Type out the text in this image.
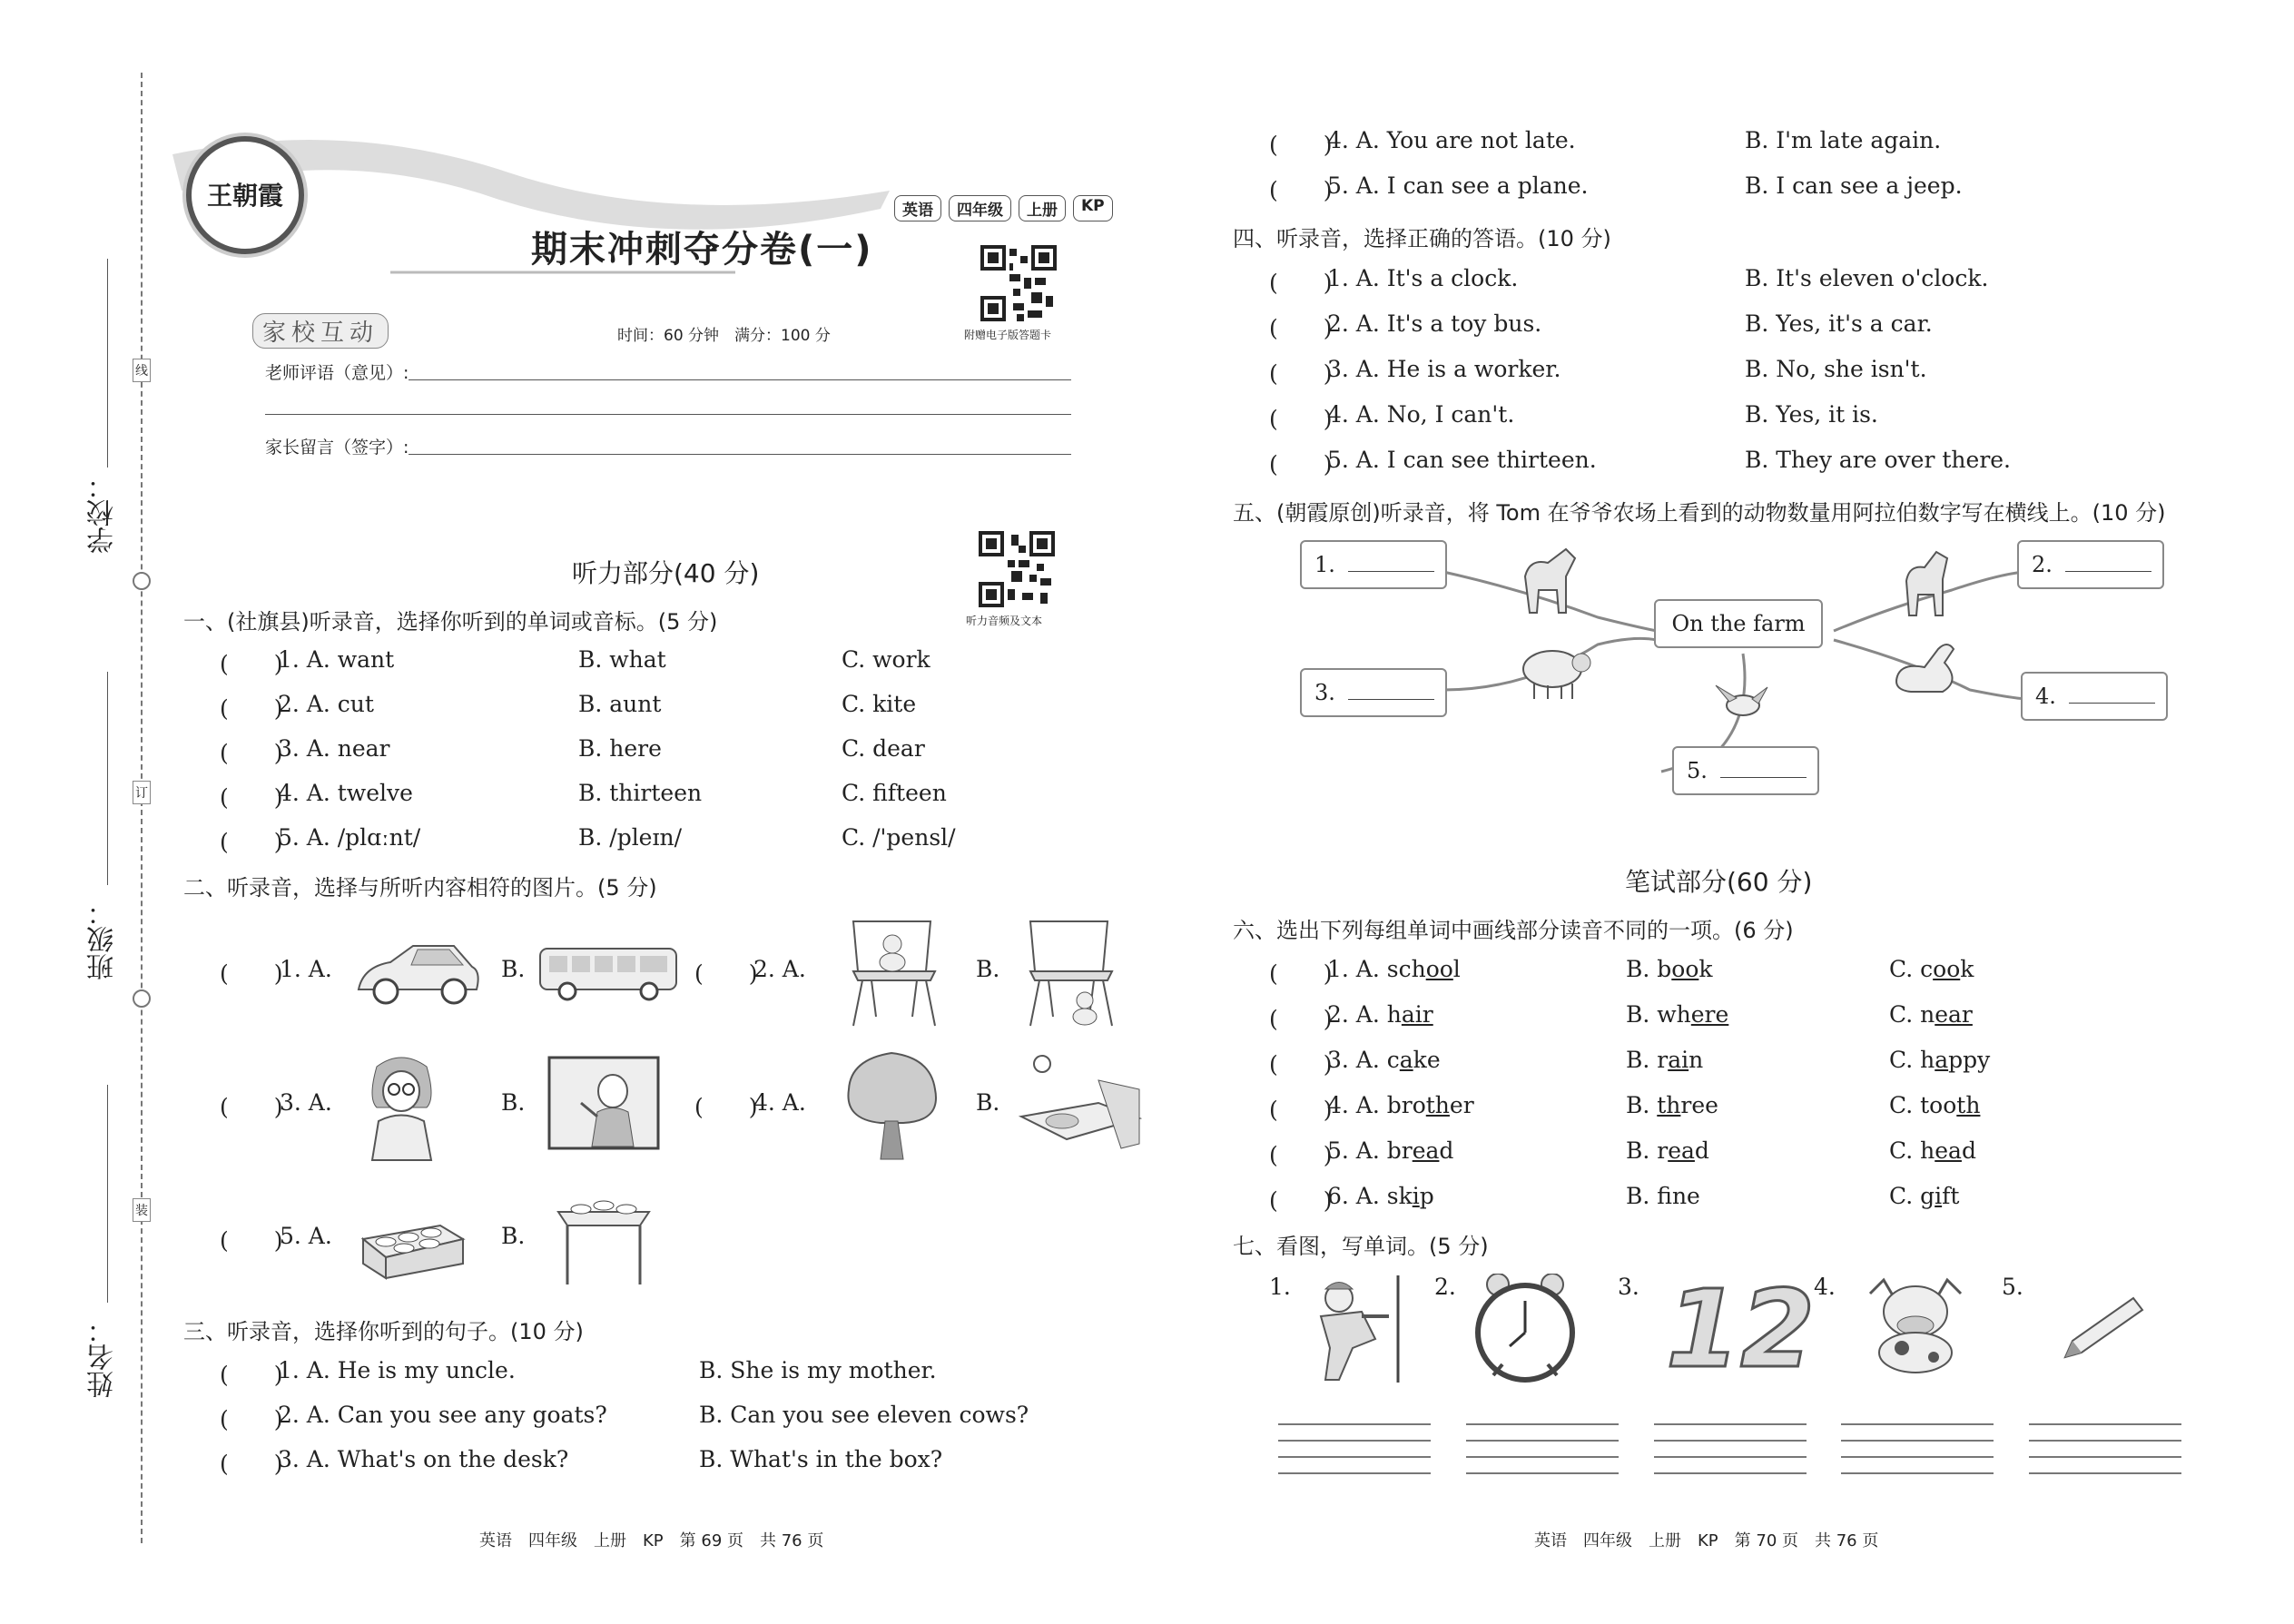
学校：
班级：
姓名：
线
订
装
王朝霞	英语	四年级	上册	KP
期末冲刺夺分卷(一)
家校互动	时间：60 分钟　满分：100 分
老师评语（意见）:
家长留言（签字）:
附赠电子版答题卡
听力音频及文本
听力部分(40 分)
一、(社旗县)听录音，选择你听到的单词或音标。(5 分)
(　　)
1. A. want	B. what	C. work
(　　)
2. A. cut	B. aunt	C. kite
(　　)
3. A. near	B. here	C. dear
(　　)
4. A. twelve	B. thirteen	C. fifteen
(　　)
5. A. /plɑːnt/	B. /pleɪn/	C. /'pensl/
二、听录音，选择与所听内容相符的图片。(5 分)
(　　)
1. A.	B.	(　　)
2. A.	B.
(　　)
3. A.	B.	(　　)
4. A.	B.
(　　)
5. A.	B.
三、听录音，选择你听到的句子。(10 分)
(　　)
1. A. He is my uncle.	B. She is my mother.
(　　)
2. A. Can you see any goats?	B. Can you see eleven cows?
(　　)
3. A. What's on the desk?	B. What's in the box?
英语　四年级　上册　KP　第 69 页　共 76 页
(　　)
4. A. You are not late.	B. I'm late again.
(　　)
5. A. I can see a plane.	B. I can see a jeep.
四、听录音，选择正确的答语。(10 分)
(　　)
1. A. It's a clock.	B. It's eleven o'clock.
(　　)
2. A. It's a toy bus.	B. Yes, it's a car.
(　　)
3. A. He is a worker.	B. No, she isn't.
(　　)
4. A. No, I can't.	B. Yes, it is.
(　　)
5. A. I can see thirteen.	B. They are over there.
五、(朝霞原创)听录音，将 Tom 在爷爷农场上看到的动物数量用阿拉伯数字写在横线上。(10 分)
On the farm
1.	2.
3.	4.
5.
笔试部分(60 分)
六、选出下列每组单词中画线部分读音不同的一项。(6 分)
(　　)
1. A. school	B. book	C. cook
(　　)
2. A. hair	B. where	C. near
(　　)
3. A. cake	B. rain	C. happy
(　　)
4. A. brother	B. three	C. tooth
(　　)
5. A. bread	B. read	C. head
(　　)
6. A. skip	B. fne	C. gift
七、看图，写单词。(5 分)
1.	2.	3. 12
4.	5.
英语　四年级　上册　KP　第 70 页　共 76 页
